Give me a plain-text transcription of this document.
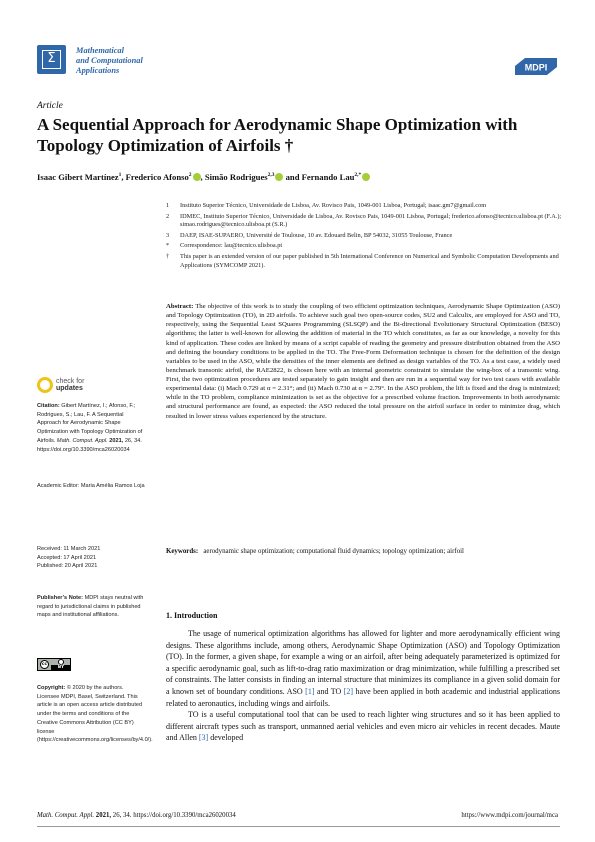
Σ
Mathematical
and Computational
Applications	MDPI
Article
A Sequential Approach for Aerodynamic Shape Optimization with Topology Optimization of Airfoils †
Isaac Gibert Martínez$^1$, Frederico Afonso$^2$ , Simão Rodrigues$^{2,3}$ and Fernando Lau$^{2,*}$
1 Instituto Superior Técnico, Universidade de Lisboa, Av. Rovisco Pais, 1049-001 Lisboa, Portugal; isaac.gm7@gmail.com
2 IDMEC, Instituto Superior Técnico, Universidade de Lisboa, Av. Rovisco Pais, 1049-001 Lisboa, Portugal; frederico.afonso@tecnico.ulisboa.pt (F.A.); simao.rodrigues@tecnico.ulisboa.pt (S.R.)
3 DAEP, ISAE-SUPAERO, Université de Toulouse, 10 av. Edouard Belin, BP 54032, 31055 Toulouse, France
* Correspondence: lau@tecnico.ulisboa.pt
† This paper is an extended version of our paper published in 5th International Conference on Numerical and Symbolic Computation Developments and Applications (SYMCOMP 2021).
Abstract: The objective of this work is to study the coupling of two efficient optimization techniques, Aerodynamic Shape Optimization (ASO) and Topology Optimization (TO), in 2D airfoils. To achieve such goal two open-source codes, SU2 and Calculix, are employed for ASO and TO, respectively, using the Sequential Least SQuares Programming (SLSQP) and the Bi-directional Evolutionary Structural Optimization (BESO) algorithms; the latter is well-known for allowing the addition of material in the TO which constitutes, as far as our knowledge, a novelty for this kind of application. These codes are linked by means of a script capable of reading the geometry and pressure distribution obtained from the ASO and defining the boundary conditions to be applied in the TO. The Free-Form Deformation technique is chosen for the definition of the design variables to be used in the ASO, while the densities of the inner elements are defined as design variables of the TO. As a test case, a widely used benchmark transonic airfoil, the RAE2822, is chosen here with an internal geometric constraint to simulate the wing-box of a transonic wing. First, the two optimization procedures are tested separately to gain insight and then are run in a sequential way for two test cases with available experimental data: (i) Mach 0.729 at α = 2.31°; and (ii) Mach 0.730 at α = 2.79°. In the ASO problem, the lift is fixed and the drag is minimized; while in the TO problem, compliance minimization is set as the objective for a prescribed volume fraction. Improvements in both aerodynamic and structural performance are found, as expected: the ASO reduced the total pressure on the airfoil surface in order to minimize drag, which resulted in lower stress values experienced by the structure.
Keywords: aerodynamic shape optimization; computational fluid dynamics; topology optimization; airfoil
check for
updates
Citation: Gibert Martínez, I.; Afonso, F.; Rodrigues, S.; Lau, F. A Sequential Approach for Aerodynamic Shape Optimization with Topology Optimization of Airfoils. Math. Comput. Appl. 2021, 26, 34. https://doi.org/10.3390/mca26020034
Academic Editor: Maria Amélia Ramos Loja
Received: 11 March 2021
Accepted: 17 April 2021
Published: 20 April 2021
Publisher’s Note: MDPI stays neutral with regard to jurisdictional claims in published maps and institutional affiliations.
cc
BY
Copyright: © 2020 by the authors. Licensee MDPI, Basel, Switzerland. This article is an open access article distributed under the terms and conditions of the Creative Commons Attribution (CC BY) license (https://creativecommons.org/licenses/by/4.0/).
1. Introduction

The usage of numerical optimization algorithms has allowed for lighter and more aerodynamically efficient wing designs. These algorithms include, among others, Aerodynamic Shape Optimization (ASO) and Topology Optimization (TO). In the former, a given shape, for example a wing or an airfoil, after being adequately parameterized is optimized for a specific aerodynamic goal, such as lift-to-drag ratio maximization or drag minimization, while fulfilling a prescribed set of constraints. The latter consists in finding an internal structure that minimizes its compliance in a given solid domain for a known set of boundary conditions. ASO [1] and TO [2] have been applied in both academic and industrial applications related to aeronautics, including wings and airfoils.

TO is a useful computational tool that can be used to reach lighter wing structures and so it has been applied to different aircraft types such as transport, unmanned aerial vehicles and even micro air vehicles in recent decades. Maute and Allen [3] developed

Math. Comput. Appl. 2021, 26, 34. https://doi.org/10.3390/mca26020034	https://www.mdpi.com/journal/mca
